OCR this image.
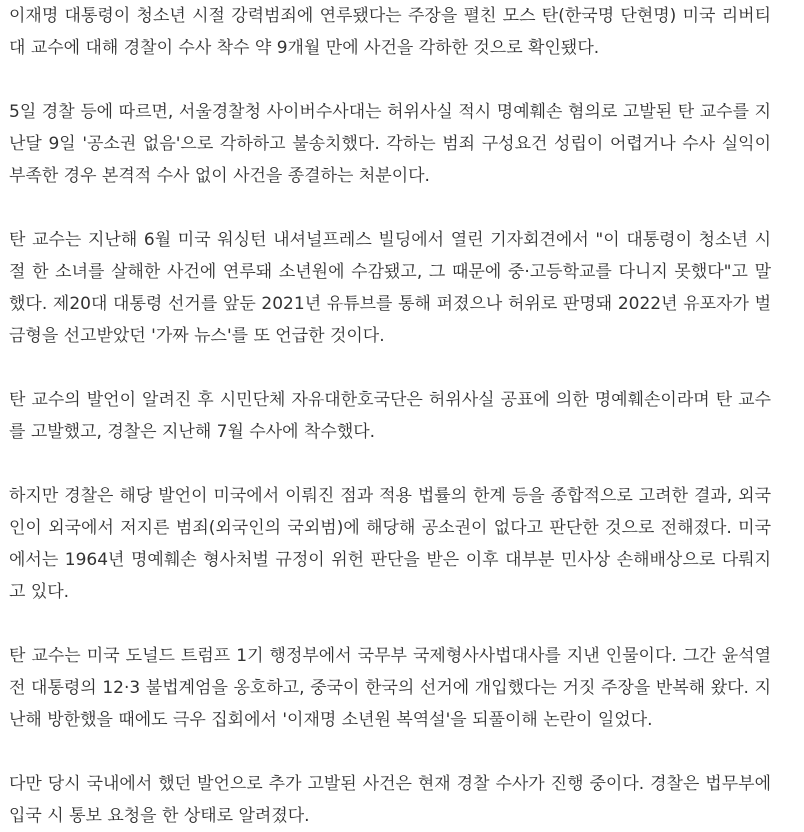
이재명 대통령이 청소년 시절 강력범죄에 연루됐다는 주장을 펼친 모스 탄(한국명 단현명) 미국 리버티대 교수에 대해 경찰이 수사 착수 약 9개월 만에 사건을 각하한 것으로 확인됐다.

5일 경찰 등에 따르면, 서울경찰청 사이버수사대는 허위사실 적시 명예훼손 혐의로 고발된 탄 교수를 지난달 9일 '공소권 없음'으로 각하하고 불송치했다. 각하는 범죄 구성요건 성립이 어렵거나 수사 실익이 부족한 경우 본격적 수사 없이 사건을 종결하는 처분이다.

탄 교수는 지난해 6월 미국 워싱턴 내셔널프레스 빌딩에서 열린 기자회견에서 "이 대통령이 청소년 시절 한 소녀를 살해한 사건에 연루돼 소년원에 수감됐고, 그 때문에 중·고등학교를 다니지 못했다"고 말했다. 제20대 대통령 선거를 앞둔 2021년 유튜브를 통해 퍼졌으나 허위로 판명돼 2022년 유포자가 벌금형을 선고받았던 '가짜 뉴스'를 또 언급한 것이다.

탄 교수의 발언이 알려진 후 시민단체 자유대한호국단은 허위사실 공표에 의한 명예훼손이라며 탄 교수를 고발했고, 경찰은 지난해 7월 수사에 착수했다.

하지만 경찰은 해당 발언이 미국에서 이뤄진 점과 적용 법률의 한계 등을 종합적으로 고려한 결과, 외국인이 외국에서 저지른 범죄(외국인의 국외범)에 해당해 공소권이 없다고 판단한 것으로 전해졌다. 미국에서는 1964년 명예훼손 형사처벌 규정이 위헌 판단을 받은 이후 대부분 민사상 손해배상으로 다뤄지고 있다.

탄 교수는 미국 도널드 트럼프 1기 행정부에서 국무부 국제형사사법대사를 지낸 인물이다. 그간 윤석열 전 대통령의 12·3 불법계엄을 옹호하고, 중국이 한국의 선거에 개입했다는 거짓 주장을 반복해 왔다. 지난해 방한했을 때에도 극우 집회에서 '이재명 소년원 복역설'을 되풀이해 논란이 일었다.

다만 당시 국내에서 했던 발언으로 추가 고발된 사건은 현재 경찰 수사가 진행 중이다. 경찰은 법무부에 입국 시 통보 요청을 한 상태로 알려졌다.
